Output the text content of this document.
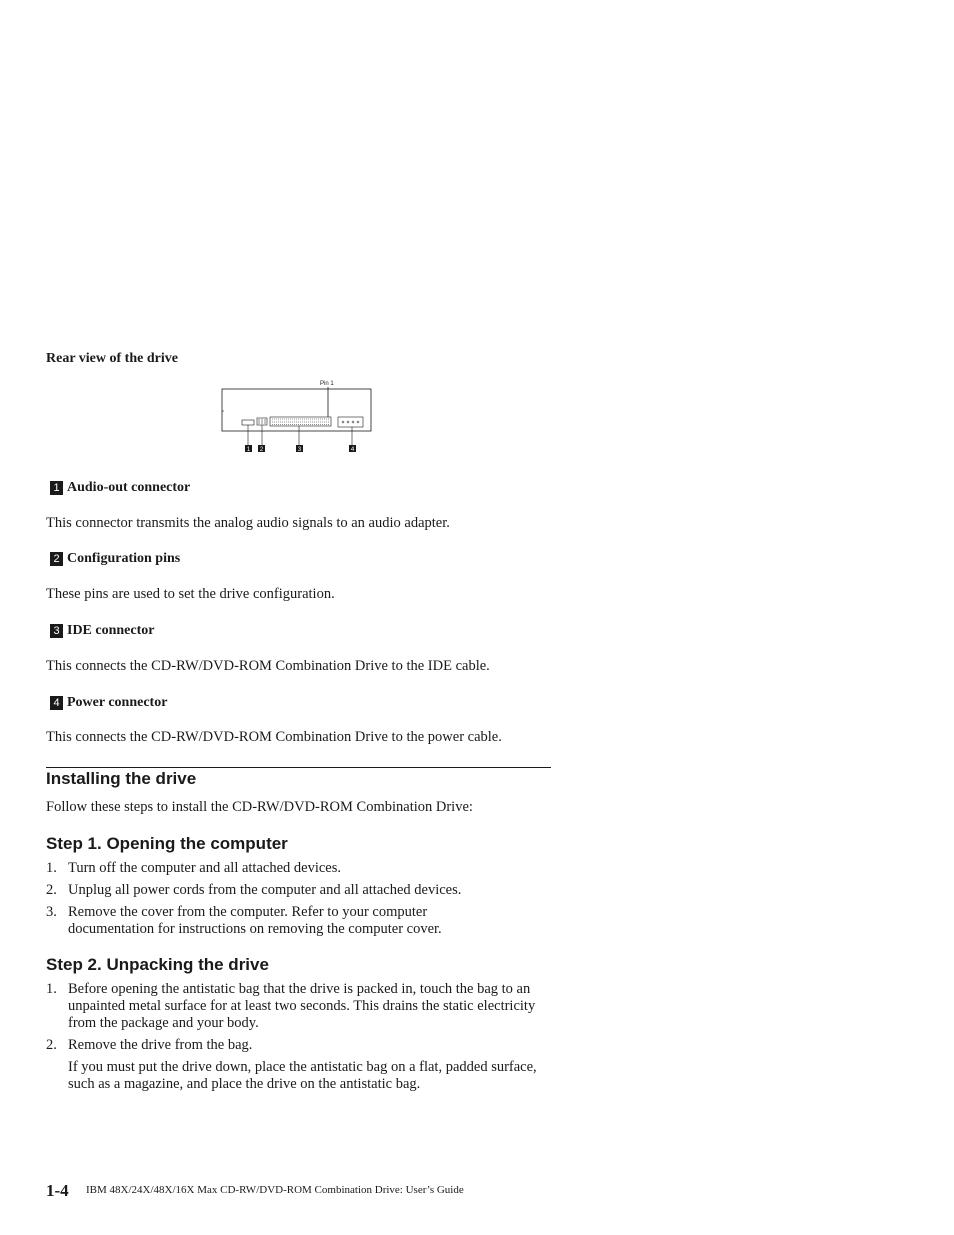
Rear view of the drive
Pin 1
1 2	3	4
1 Audio-out connector
This connector transmits the analog audio signals to an audio adapter.
2 Configuration pins
These pins are used to set the drive configuration.
3 IDE connector
This connects the CD-RW/DVD-ROM Combination Drive to the IDE cable.
4 Power connector
This connects the CD-RW/DVD-ROM Combination Drive to the power cable.
Installing the drive
Follow these steps to install the CD-RW/DVD-ROM Combination Drive:
Step 1. Opening the computer
1. Turn off the computer and all attached devices.
2. Unplug all power cords from the computer and all attached devices.
3. Remove the cover from the computer. Refer to your computer documentation for instructions on removing the computer cover.
Step 2. Unpacking the drive
1. Before opening the antistatic bag that the drive is packed in, touch the bag to an unpainted metal surface for at least two seconds. This drains the static electricity from the package and your body.
2. Remove the drive from the bag.
If you must put the drive down, place the antistatic bag on a flat, padded surface, such as a magazine, and place the drive on the antistatic bag.
1-4 IBM 48X/24X/48X/16X Max CD-RW/DVD-ROM Combination Drive: User’s Guide
